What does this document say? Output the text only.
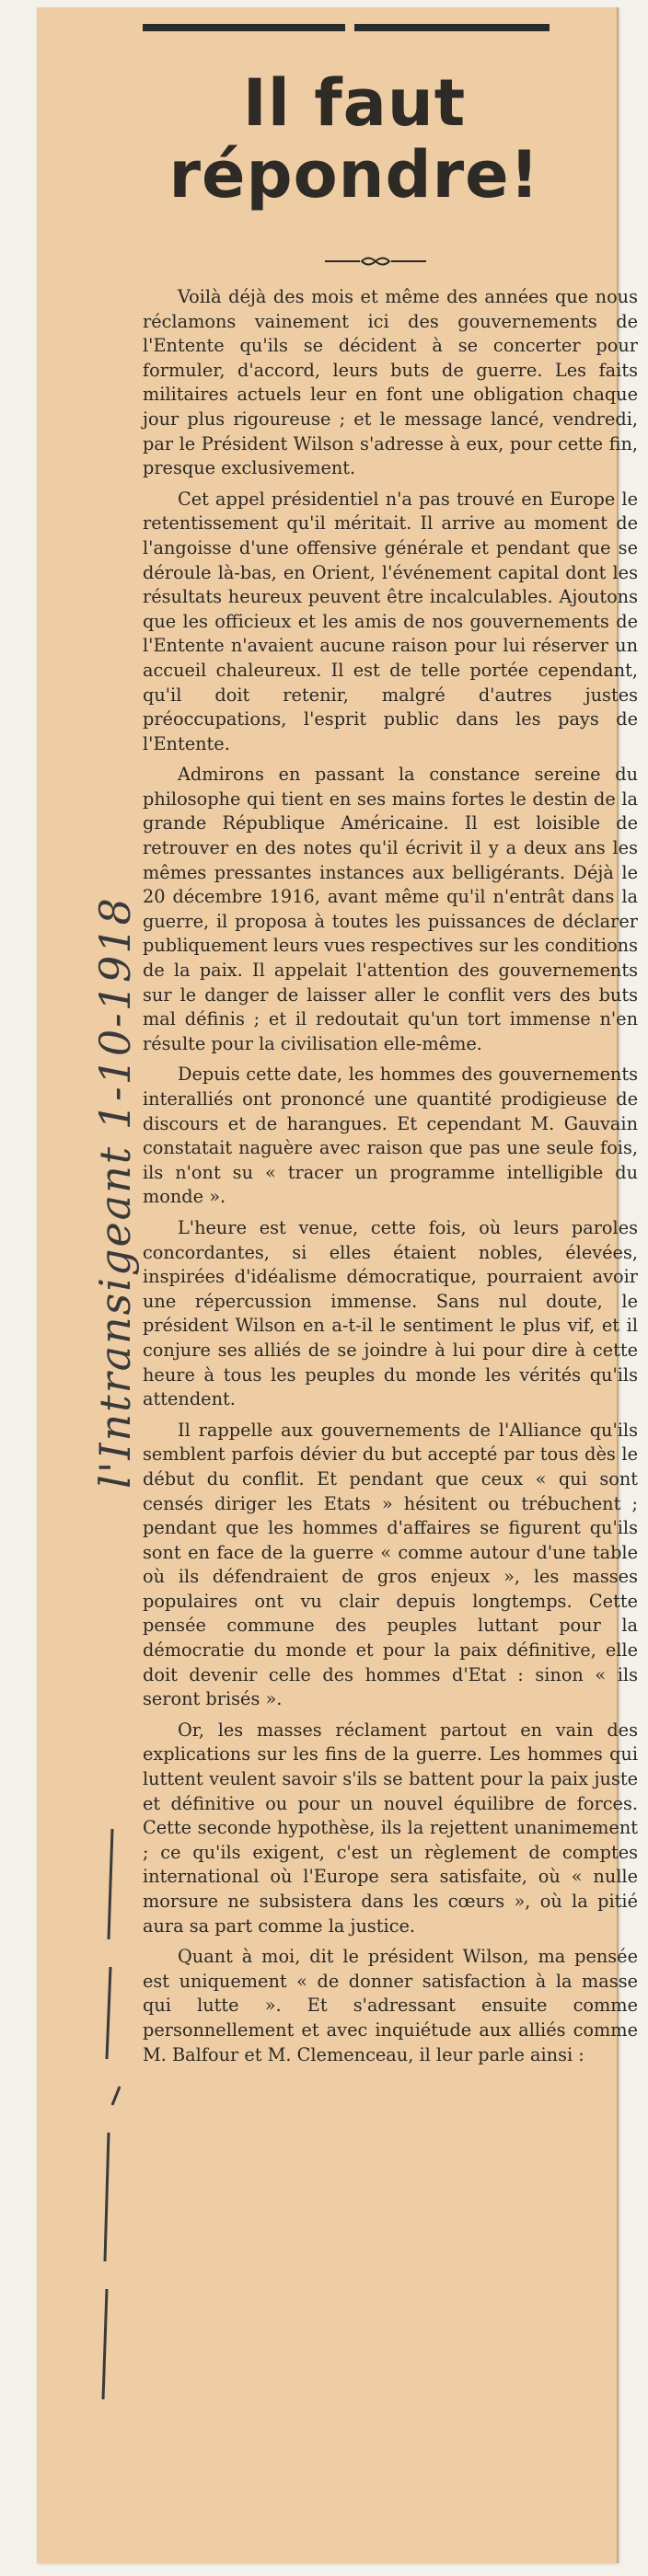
Il faut
répondre!

Voilà déjà des mois et même des années que nous réclamons vainement ici des gouvernements de l'Entente qu'ils se décident à se concerter pour formuler, d'accord, leurs buts de guerre. Les faits militaires actuels leur en font une obligation chaque jour plus rigoureuse ; et le message lancé, vendredi, par le Président Wilson s'adresse à eux, pour cette fin, presque exclusivement.

Cet appel présidentiel n'a pas trouvé en Europe le retentissement qu'il méritait. Il arrive au moment de l'angoisse d'une offensive générale et pendant que se déroule là-bas, en Orient, l'événement capital dont les résultats heureux peuvent être incalculables. Ajoutons que les officieux et les amis de nos gouvernements de l'Entente n'avaient aucune raison pour lui réserver un accueil chaleureux. Il est de telle portée cependant, qu'il doit retenir, malgré d'autres justes préoccupations, l'esprit public dans les pays de l'Entente.

Admirons en passant la constance sereine du philosophe qui tient en ses mains fortes le destin de la grande République Américaine. Il est loisible de retrouver en des notes qu'il écrivit il y a deux ans les mêmes pressantes instances aux belligérants. Déjà le 20 décembre 1916, avant même qu'il n'entrât dans la guerre, il proposa à toutes les puissances de déclarer publiquement leurs vues respectives sur les conditions de la paix. Il appelait l'attention des gouvernements sur le danger de laisser aller le conflit vers des buts mal définis ; et il redoutait qu'un tort immense n'en résulte pour la civilisation elle-même.

Depuis cette date, les hommes des gouvernements interalliés ont prononcé une quantité prodigieuse de discours et de harangues. Et cependant M. Gauvain constatait naguère avec raison que pas une seule fois, ils n'ont su « tracer un programme intelligible du monde ».

L'heure est venue, cette fois, où leurs paroles concordantes, si elles étaient nobles, élevées, inspirées d'idéalisme démocratique, pourraient avoir une répercussion immense. Sans nul doute, le président Wilson en a-t-il le sentiment le plus vif, et il conjure ses alliés de se joindre à lui pour dire à cette heure à tous les peuples du monde les vérités qu'ils attendent.

Il rappelle aux gouvernements de l'Alliance qu'ils semblent parfois dévier du but accepté par tous dès le début du conflit. Et pendant que ceux « qui sont censés diriger les Etats » hésitent ou trébuchent ; pendant que les hommes d'affaires se figurent qu'ils sont en face de la guerre « comme autour d'une table où ils défendraient de gros enjeux », les masses populaires ont vu clair depuis longtemps. Cette pensée commune des peuples luttant pour la démocratie du monde et pour la paix définitive, elle doit devenir celle des hommes d'Etat : sinon « ils seront brisés ».

Or, les masses réclament partout en vain des explications sur les fins de la guerre. Les hommes qui luttent veulent savoir s'ils se battent pour la paix juste et définitive ou pour un nouvel équilibre de forces. Cette seconde hypothèse, ils la rejettent unanimement ; ce qu'ils exigent, c'est un règlement de comptes international où l'Europe sera satisfaite, où « nulle morsure ne subsistera dans les cœurs », où la pitié aura sa part comme la justice.

Quant à moi, dit le président Wilson, ma pensée est uniquement « de donner satisfaction à la masse qui lutte ». Et s'adressant ensuite comme personnellement et avec inquiétude aux alliés comme M. Balfour et M. Clemenceau, il leur parle ainsi :

l'Intransigeant 1-10-1918
